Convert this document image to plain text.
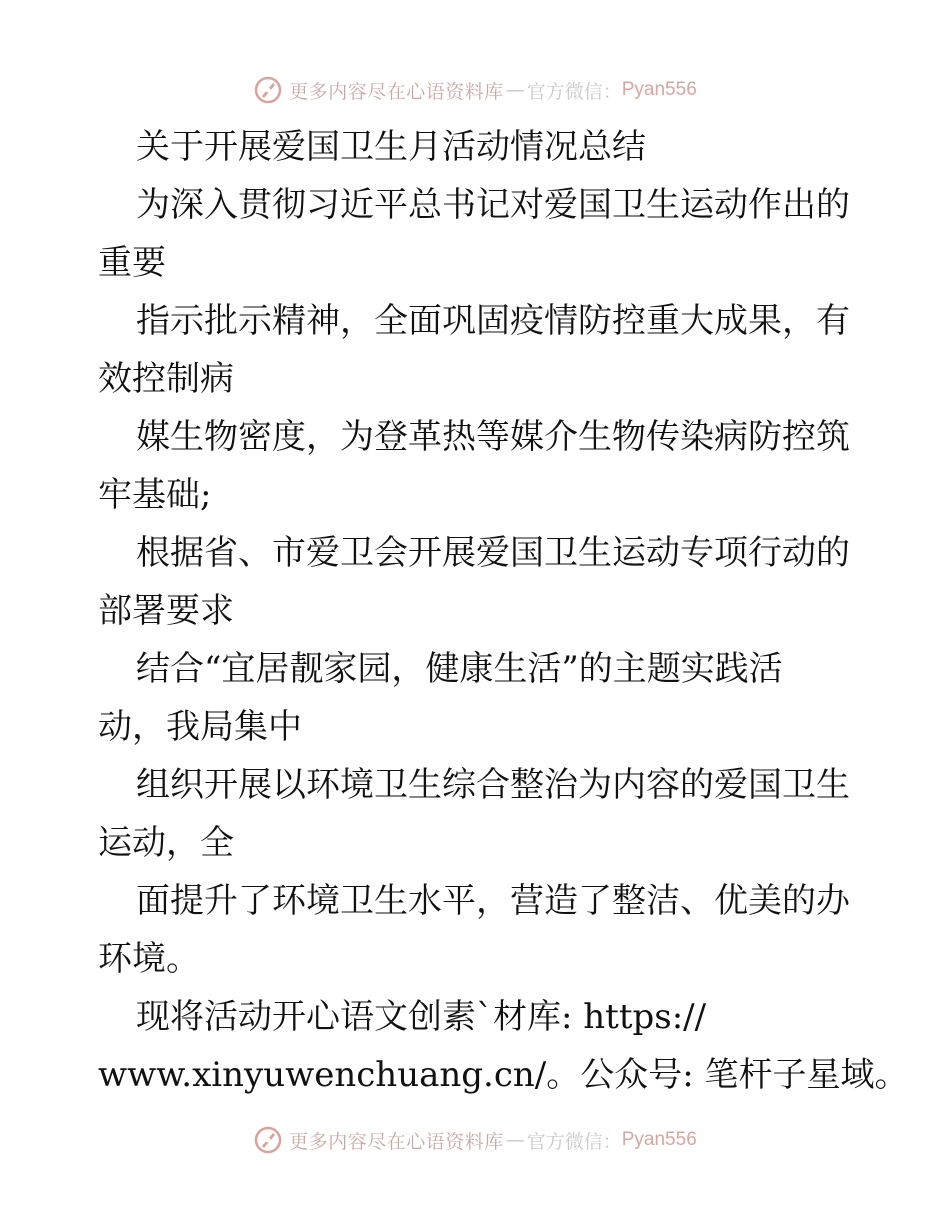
更多内容尽在心语资料库 — 官方微信： Pyan556
关于开展爱国卫生月活动情况总结
为深入贯彻习近平总书记对爱国卫生运动作出的
重要
指示批示精神，全面巩固疫情防控重大成果，有
效控制病
媒生物密度，为登革热等媒介生物传染病防控筑
牢基础;
根据省、市爱卫会开展爱国卫生运动专项行动的
部署要求
结合“宜居靓家园，健康生活”的主题实践活
动，我局集中
组织开展以环境卫生综合整治为内容的爱国卫生
运动，全
面提升了环境卫生水平，营造了整洁、优美的办
环境。
现将活动开心语文创素`材库: https://
www.xinyuwenchuang.cn/。公众号: 笔杆子星域。
更多内容尽在心语资料库 — 官方微信： Pyan556
